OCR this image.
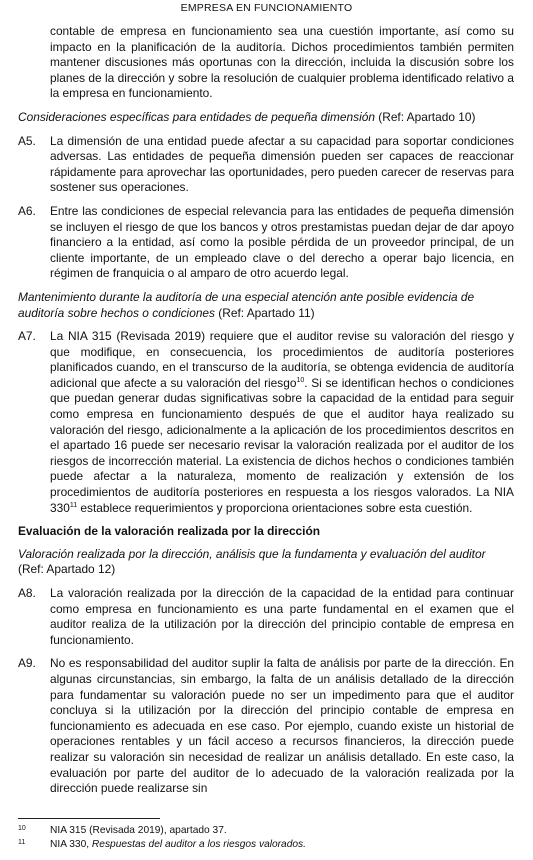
EMPRESA EN FUNCIONAMIENTO

contable de empresa en funcionamiento sea una cuestión importante, así como su impacto en la planificación de la auditoría. Dichos procedimientos también permiten mantener discusiones más oportunas con la dirección, incluida la discusión sobre los planes de la dirección y sobre la resolución de cualquier problema identificado relativo a la empresa en funcionamiento.

Consideraciones específicas para entidades de pequeña dimensión (Ref: Apartado 10)

A5. La dimensión de una entidad puede afectar a su capacidad para soportar condiciones adversas. Las entidades de pequeña dimensión pueden ser capaces de reaccionar rápidamente para aprovechar las oportunidades, pero pueden carecer de reservas para sostener sus operaciones.
A6. Entre las condiciones de especial relevancia para las entidades de pequeña dimensión se incluyen el riesgo de que los bancos y otros prestamistas puedan dejar de dar apoyo financiero a la entidad, así como la posible pérdida de un proveedor principal, de un cliente importante, de un empleado clave o del derecho a operar bajo licencia, en régimen de franquicia o al amparo de otro acuerdo legal.

Mantenimiento durante la auditoría de una especial atención ante posible evidencia de auditoría sobre hechos o condiciones (Ref: Apartado 11)

A7. La NIA 315 (Revisada 2019) requiere que el auditor revise su valoración del riesgo y que modifique, en consecuencia, los procedimientos de auditoría posteriores planificados cuando, en el transcurso de la auditoría, se obtenga evidencia de auditoría adicional que afecte a su valoración del riesgo$^{10}$. Si se identifican hechos o condiciones que puedan generar dudas significativas sobre la capacidad de la entidad para seguir como empresa en funcionamiento después de que el auditor haya realizado su valoración del riesgo, adicionalmente a la aplicación de los procedimientos descritos en el apartado 16 puede ser necesario revisar la valoración realizada por el auditor de los riesgos de incorrección material. La existencia de dichos hechos o condiciones también puede afectar a la naturaleza, momento de realización y extensión de los procedimientos de auditoría posteriores en respuesta a los riesgos valorados. La NIA $330^{11}$ establece requerimientos y proporciona orientaciones sobre esta cuestión.

Evaluación de la valoración realizada por la dirección

Valoración realizada por la dirección, análisis que la fundamenta y evaluación del auditor (Ref: Apartado 12)

A8. La valoración realizada por la dirección de la capacidad de la entidad para continuar como empresa en funcionamiento es una parte fundamental en el examen que el auditor realiza de la utilización por la dirección del principio contable de empresa en funcionamiento.
A9. No es responsabilidad del auditor suplir la falta de análisis por parte de la dirección. En algunas circunstancias, sin embargo, la falta de un análisis detallado de la dirección para fundamentar su valoración puede no ser un impedimento para que el auditor concluya si la utilización por la dirección del principio contable de empresa en funcionamiento es adecuada en ese caso. Por ejemplo, cuando existe un historial de operaciones rentables y un fácil acceso a recursos financieros, la dirección puede realizar su valoración sin necesidad de realizar un análisis detallado. En este caso, la evaluación por parte del auditor de lo adecuado de la valoración realizada por la dirección puede realizarse sin
10 NIA 315 (Revisada 2019), apartado 37.
11 NIA 330, Respuestas del auditor a los riesgos valorados.
